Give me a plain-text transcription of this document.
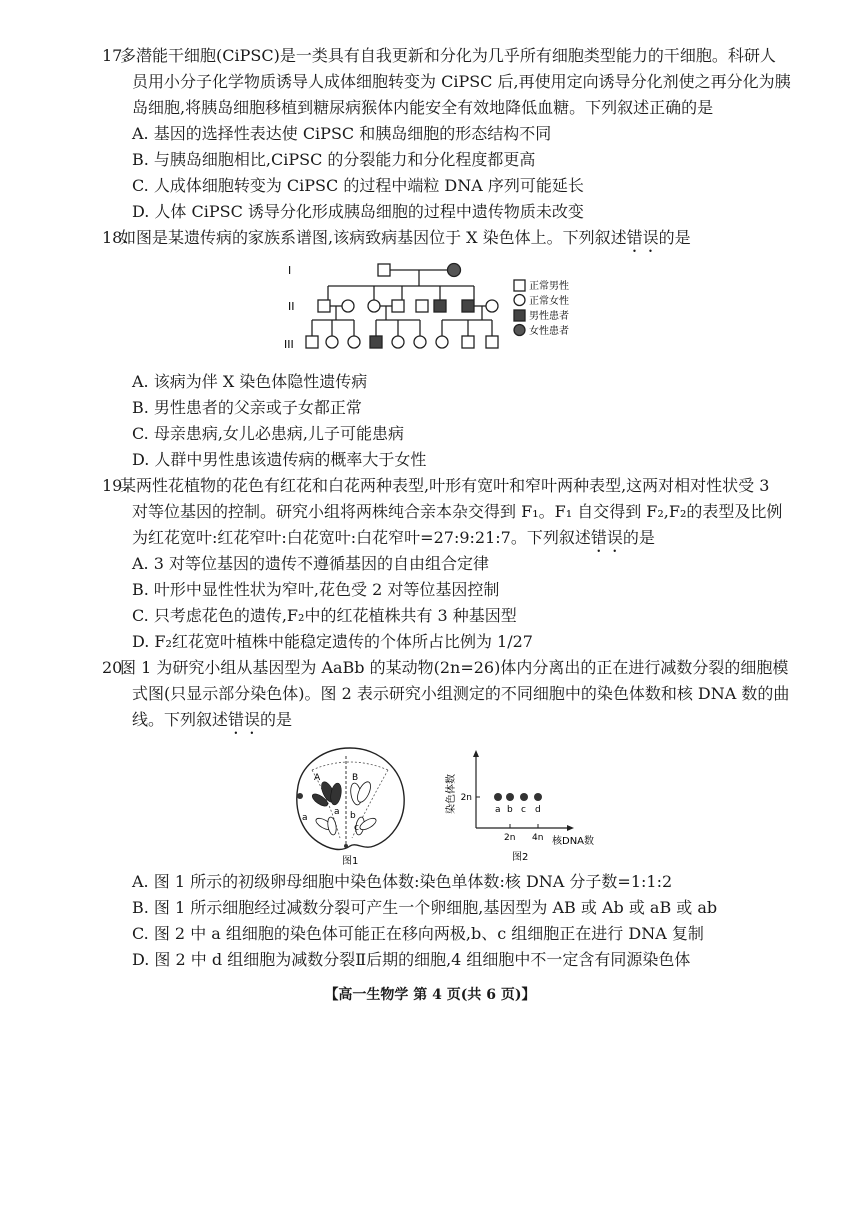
17.多潜能干细胞(CiPSC)是一类具有自我更新和分化为几乎所有细胞类型能力的干细胞。科研人
员用小分子化学物质诱导人成体细胞转变为 CiPSC 后,再使用定向诱导分化剂使之再分化为胰
岛细胞,将胰岛细胞移植到糖尿病猴体内能安全有效地降低血糖。下列叙述正确的是
A. 基因的选择性表达使 CiPSC 和胰岛细胞的形态结构不同
B. 与胰岛细胞相比,CiPSC 的分裂能力和分化程度都更高
C. 人成体细胞转变为 CiPSC 的过程中端粒 DNA 序列可能延长
D. 人体 CiPSC 诱导分化形成胰岛细胞的过程中遗传物质未改变
18.如图是某遗传病的家族系谱图,该病致病基因位于 X 染色体上。下列叙述错误的是
I
II
III
正常男性
正常女性
男性患者
女性患者
A. 该病为伴 X 染色体隐性遗传病
B. 男性患者的父亲或子女都正常
C. 母亲患病,女儿必患病,儿子可能患病
D. 人群中男性患该遗传病的概率大于女性
19.某两性花植物的花色有红花和白花两种表型,叶形有宽叶和窄叶两种表型,这两对相对性状受 3
对等位基因的控制。研究小组将两株纯合亲本杂交得到 F₁。F₁ 自交得到 F₂,F₂的表型及比例
为红花宽叶:红花窄叶:白花宽叶:白花窄叶=27:9:21:7。下列叙述错误的是
A. 3 对等位基因的遗传不遵循基因的自由组合定律
B. 叶形中显性性状为窄叶,花色受 2 对等位基因控制
C. 只考虑花色的遗传,F₂中的红花植株共有 3 种基因型
D. F₂红花宽叶植株中能稳定遗传的个体所占比例为 1/27
20.图 1 为研究小组从基因型为 AaBb 的某动物(2n=26)体内分离出的正在进行减数分裂的细胞模
式图(只显示部分染色体)。图 2 表示研究小组测定的不同细胞中的染色体数和核 DNA 数的曲
线。下列叙述错误的是
A	B
a b
a
c
图1
染色体数 2n
2n 4n 核DNA数
a b c d
图2
A. 图 1 所示的初级卵母细胞中染色体数:染色单体数:核 DNA 分子数=1:1:2
B. 图 1 所示细胞经过减数分裂可产生一个卵细胞,基因型为 AB 或 Ab 或 aB 或 ab
C. 图 2 中 a 组细胞的染色体可能正在移向两极,b、c 组细胞正在进行 DNA 复制
D. 图 2 中 d 组细胞为减数分裂Ⅱ后期的细胞,4 组细胞中不一定含有同源染色体
【高一生物学 第 4 页(共 6 页)】
